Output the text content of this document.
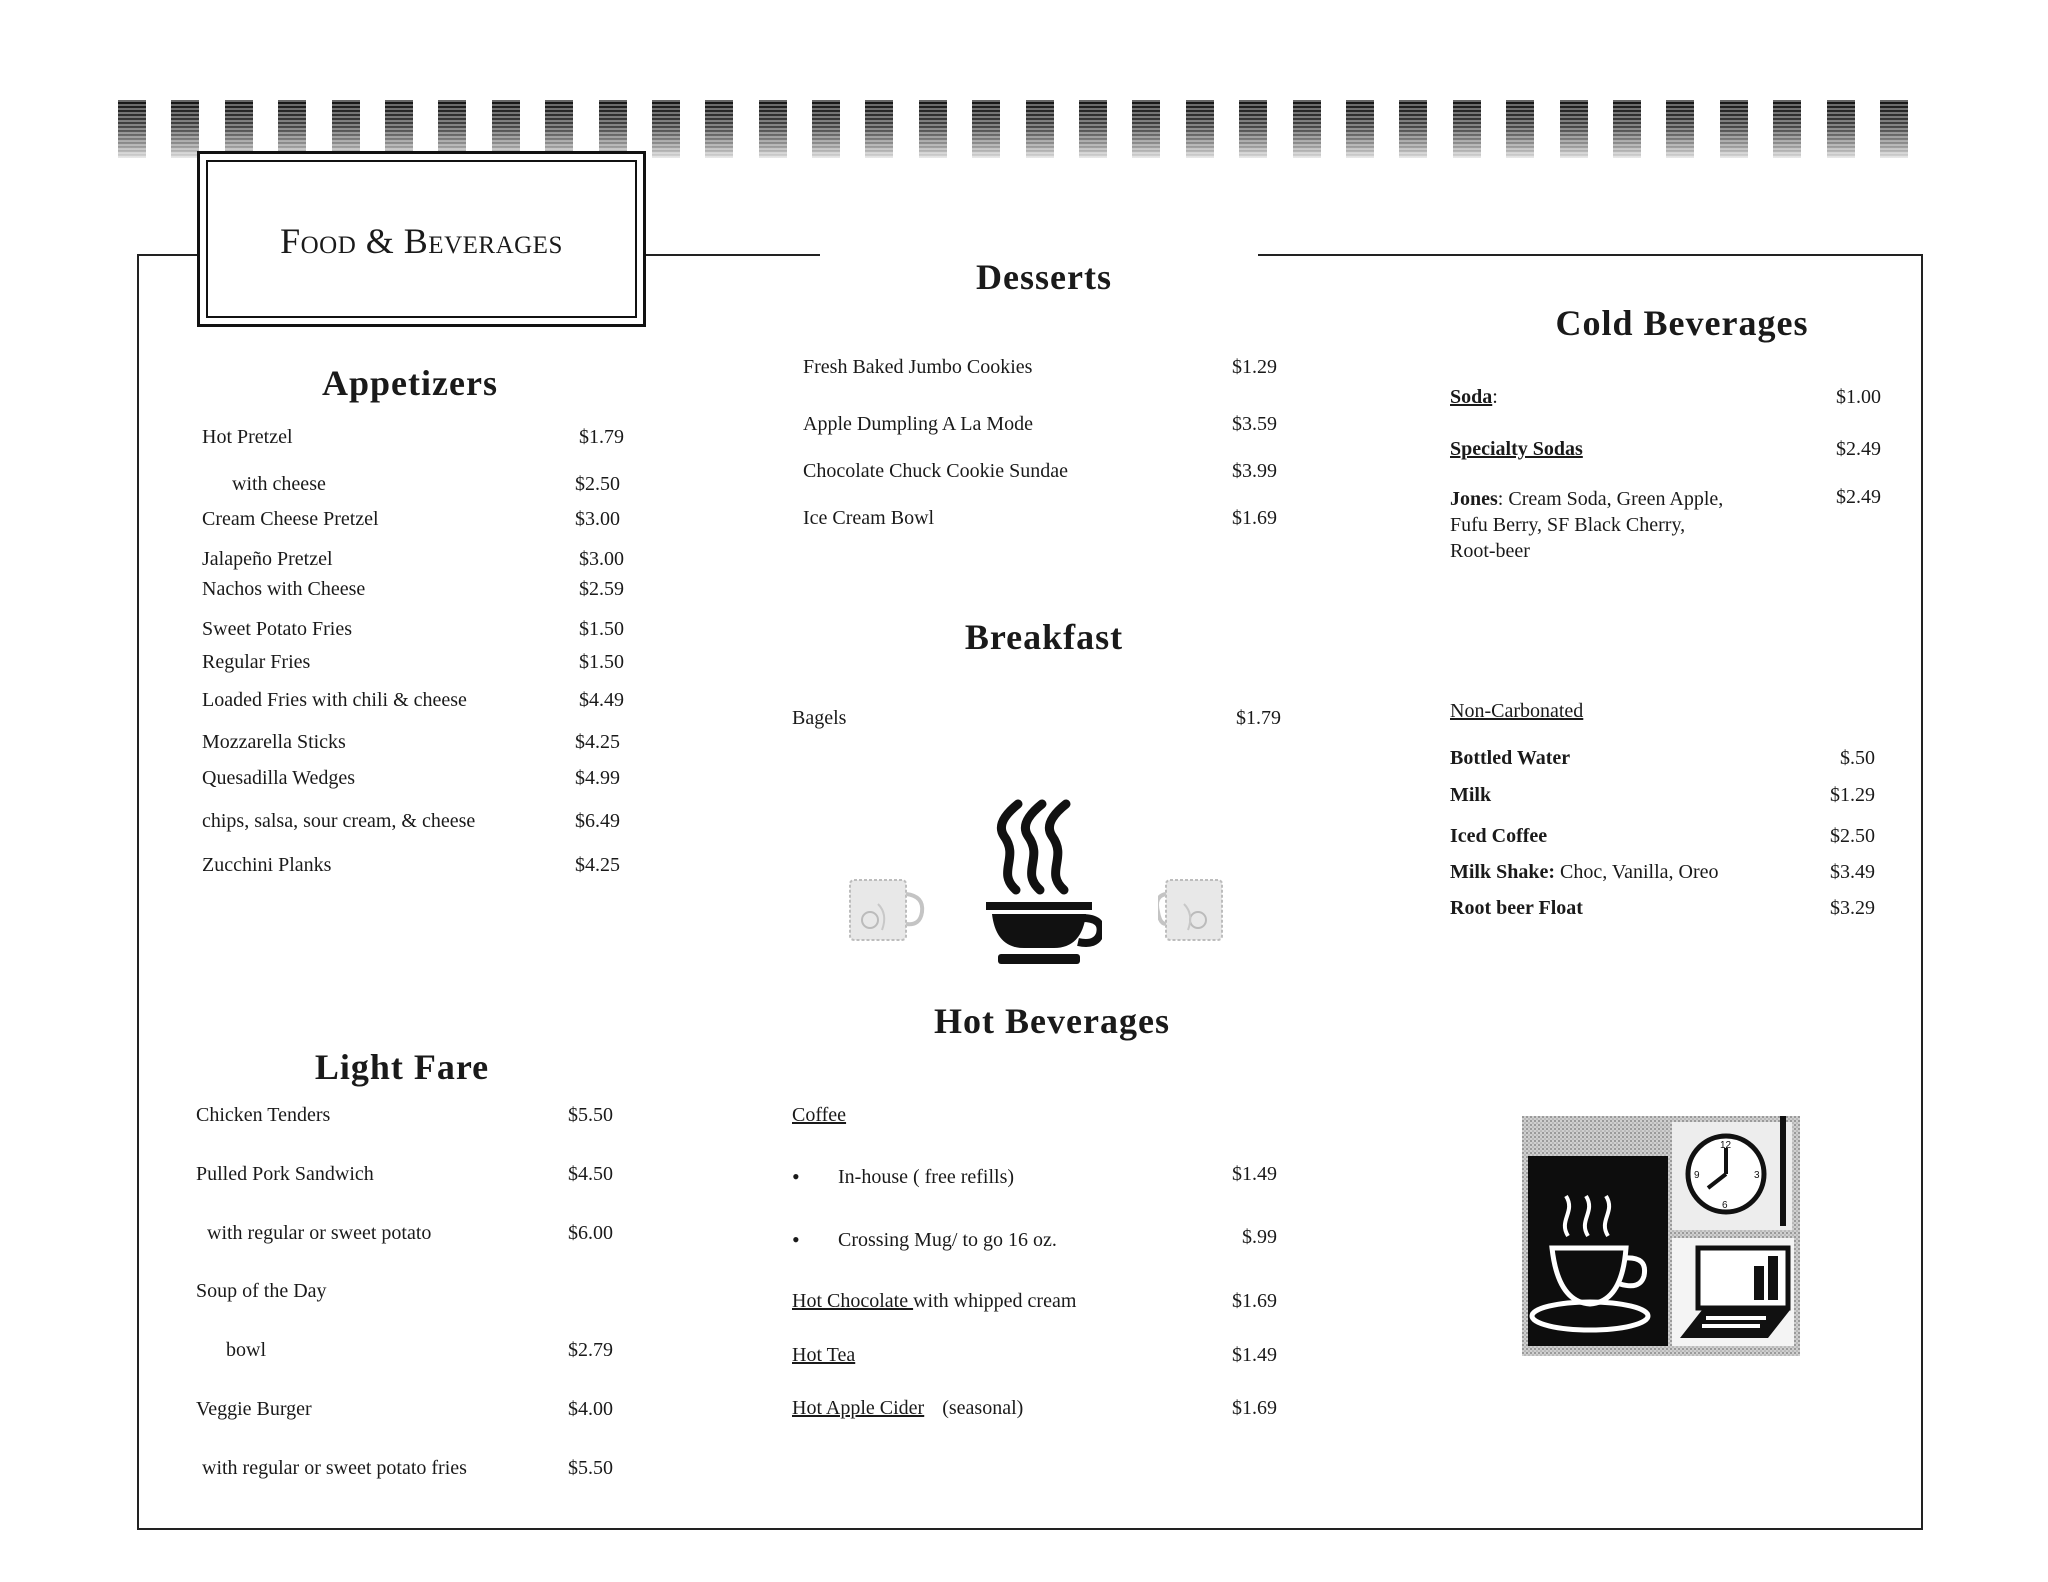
Food & Beverages
Appetizers
Hot Pretzel	$1.79
with cheese	$2.50
Cream Cheese Pretzel	$3.00
Jalapeño Pretzel	$3.00
Nachos with Cheese	$2.59
Sweet Potato Fries	$1.50
Regular Fries	$1.50
Loaded Fries with chili & cheese	$4.49
Mozzarella Sticks	$4.25
Quesadilla Wedges	$4.99
chips, salsa, sour cream, & cheese	$6.49
Zucchini Planks	$4.25
Light Fare
Chicken Tenders	$5.50
Pulled Pork Sandwich	$4.50
with regular or sweet potato	$6.00
Soup of the Day
bowl	$2.79
Veggie Burger	$4.00
with regular or sweet potato fries	$5.50
Desserts
Fresh Baked Jumbo Cookies	$1.29
Apple Dumpling A La Mode	$3.59
Chocolate Chuck Cookie Sundae	$3.99
Ice Cream Bowl	$1.69
Breakfast
Bagels	$1.79
Hot Beverages
Coffee
• In-house ( free refills)	$1.49
• Crossing Mug/ to go 16 oz.	$.99
Hot Chocolate with whipped cream	$1.69
Hot Tea	$1.49
Hot Apple Cider (seasonal)	$1.69
Cold Beverages
Soda:	$1.00
Specialty Sodas	$2.49
Jones: Cream Soda, Green Apple,
Fufu Berry, SF Black Cherry,
Root-beer
$2.49
Non-Carbonated
Bottled Water	$.50
Milk	$1.29
Iced Coffee	$2.50
Milk Shake: Choc, Vanilla, Oreo	$3.49
Root beer Float	$3.29
12
3
6
9
